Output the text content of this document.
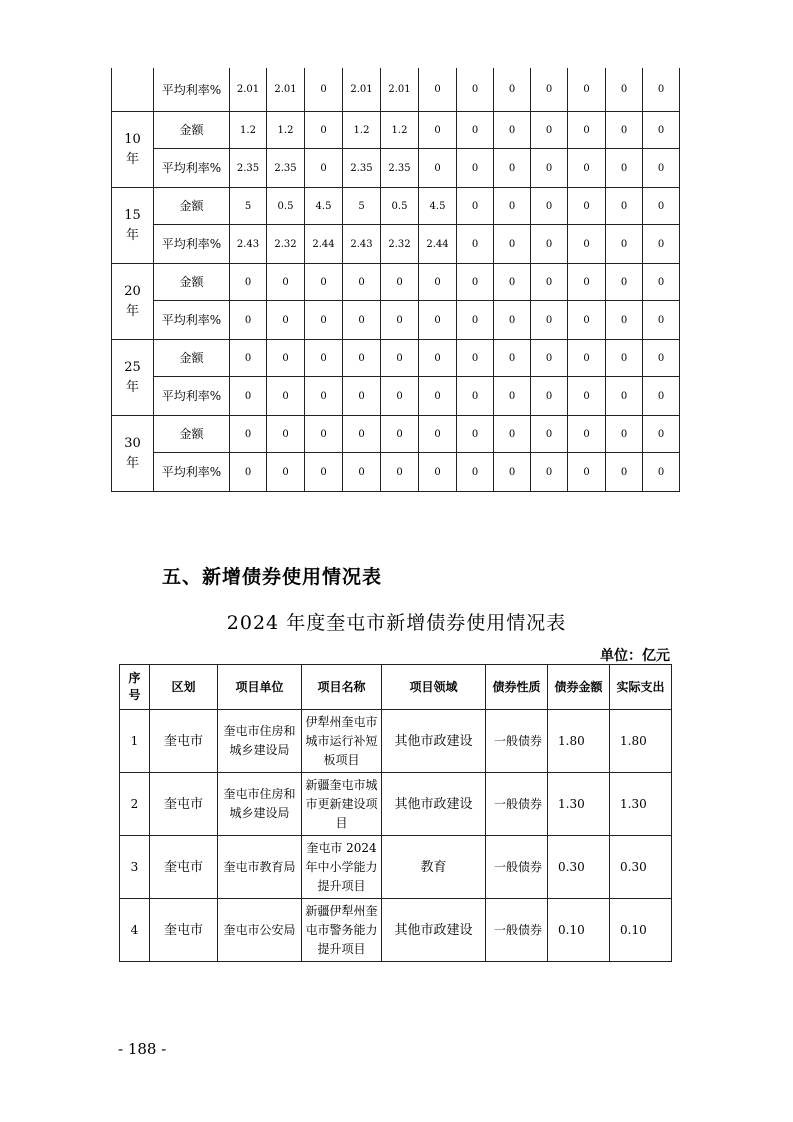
	平均利率%	2.01	2.01	0	2.01	2.01	0	0	0	0	0	0	0
10年	金额	1.2	1.2	0	1.2	1.2	0	0	0	0	0	0	0
	平均利率%	2.35	2.35	0	2.35	2.35	0	0	0	0	0	0	0
15年	金额	5	0.5	4.5	5	0.5	4.5	0	0	0	0	0	0
	平均利率%	2.43	2.32	2.44	2.43	2.32	2.44	0	0	0	0	0	0
20年	金额	0	0	0	0	0	0	0	0	0	0	0	0
	平均利率%	0	0	0	0	0	0	0	0	0	0	0	0
25年	金额	0	0	0	0	0	0	0	0	0	0	0	0
	平均利率%	0	0	0	0	0	0	0	0	0	0	0	0
30年	金额	0	0	0	0	0	0	0	0	0	0	0	0
	平均利率%	0	0	0	0	0	0	0	0	0	0	0	0
五、新增债券使用情况表
2024 年度奎屯市新增债券使用情况表
单位：亿元
序号	区划	项目单位	项目名称	项目领域	债券性质	债券金额	实际支出
1	奎屯市	奎屯市住房和城乡建设局	伊犁州奎屯市城市运行补短板项目	其他市政建设	一般债券	1.80	1.80
2	奎屯市	奎屯市住房和城乡建设局	新疆奎屯市城市更新建设项目	其他市政建设	一般债券	1.30	1.30
3	奎屯市	奎屯市教育局	奎屯市 2024 年中小学能力提升项目	教育	一般债券	0.30	0.30
4	奎屯市	奎屯市公安局	新疆伊犁州奎屯市警务能力提升项目	其他市政建设	一般债券	0.10	0.10
- 188 -
